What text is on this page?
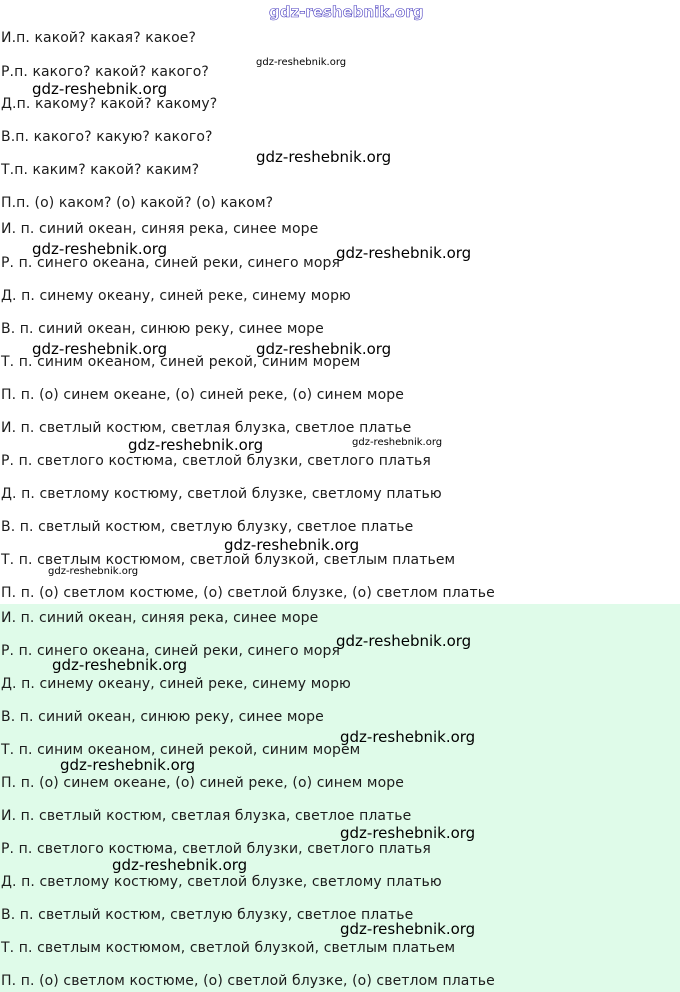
И.п. какой? какая? какое?
Р.п. какого? какой? какого?
Д.п. какому? какой? какому?
В.п. какого? какую? какого?
Т.п. каким? какой? каким?
П.п. (о) каком? (о) какой? (о) каком?
И. п. синий океан, синяя река, синее море
Р. п. синего океана, синей реки, синего моря
Д. п. синему океану, синей реке, синему морю
В. п. синий океан, синюю реку, синее море
Т. п. синим океаном, синей рекой, синим морем
П. п. (о) синем океане, (о) синей реке, (о) синем море
И. п. светлый костюм, светлая блузка, светлое платье
Р. п. светлого костюма, светлой блузки, светлого платья
Д. п. светлому костюму, светлой блузке, светлому платью
В. п. светлый костюм, светлую блузку, светлое платье
Т. п. светлым костюмом, светлой блузкой, светлым платьем
П. п. (о) светлом костюме, (о) светлой блузке, (о) светлом платье
И. п. синий океан, синяя река, синее море
Р. п. синего океана, синей реки, синего моря
Д. п. синему океану, синей реке, синему морю
В. п. синий океан, синюю реку, синее море
Т. п. синим океаном, синей рекой, синим морем
П. п. (о) синем океане, (о) синей реке, (о) синем море
И. п. светлый костюм, светлая блузка, светлое платье
Р. п. светлого костюма, светлой блузки, светлого платья
Д. п. светлому костюму, светлой блузке, светлому платью
В. п. светлый костюм, светлую блузку, светлое платье
Т. п. светлым костюмом, светлой блузкой, светлым платьем
П. п. (о) светлом костюме, (о) светлой блузке, (о) светлом платье
gdz-reshebnik.org
gdz-reshebnik.org
gdz-reshebnik.org
gdz-reshebnik.org
gdz-reshebnik.org	gdz-reshebnik.org
gdz-reshebnik.org	gdz-reshebnik.org
gdz-reshebnik.org	gdz-reshebnik.org
gdz-reshebnik.org
gdz-reshebnik.org
gdz-reshebnik.org
gdz-reshebnik.org
gdz-reshebnik.org
gdz-reshebnik.org
gdz-reshebnik.org
gdz-reshebnik.org
gdz-reshebnik.org
